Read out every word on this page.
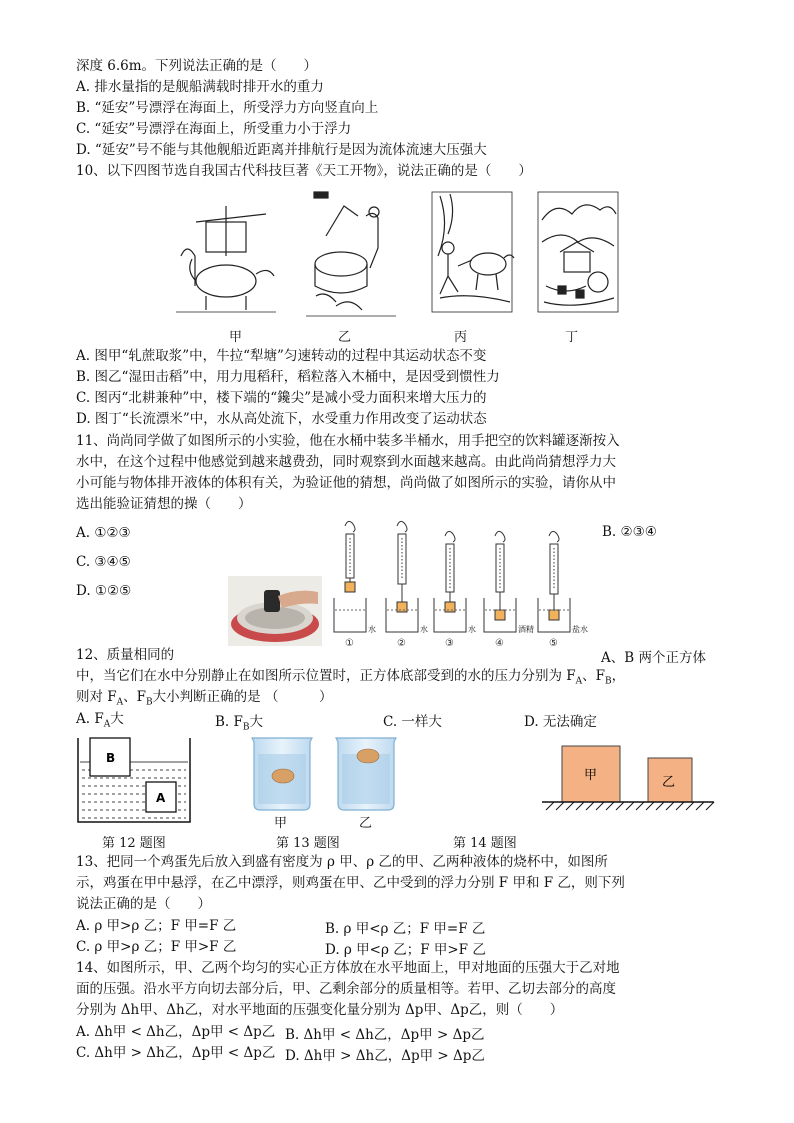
深度 6.6m。下列说法正确的是（　　）
A. 排水量指的是舰船满载时排开水的重力
B. “延安”号漂浮在海面上，所受浮力方向竖直向上
C. “延安”号漂浮在海面上，所受重力小于浮力
D. “延安”号不能与其他舰船近距离并排航行是因为流体流速大压强大
10、以下四图节选自我国古代科技巨著《天工开物》，说法正确的是（　　）
甲	乙	丙	丁
A. 图甲“轧蔗取浆”中，牛拉“犁塘”匀速转动的过程中其运动状态不变
B. 图乙“湿田击稻”中，用力甩稻秆，稻粒落入木桶中，是因受到惯性力
C. 图丙“北耕兼种”中，楼下端的“鑱尖”是减小受力面积来增大压力的
D. 图丁“长流漂米”中，水从高处流下，水受重力作用改变了运动状态
11、尚尚同学做了如图所示的小实验，他在水桶中装多半桶水，用手把空的饮料罐逐渐按入
水中，在这个过程中他感觉到越来越费劲，同时观察到水面越来越高。由此尚尚猜想浮力大
小可能与物体排开液体的体积有关，为验证他的猜想，尚尚做了如图所示的实验，请你从中
选出能验证猜想的操（　　）
A. ①②③	B. ②③④
C. ③④⑤
D. ①②⑤
水	水	水	酒精	盐水
①	②	③	④	⑤
12、质量相同的	A、B 两个正方体
中，当它们在水中分别静止在如图所示位置时，正方体底部受到的水的压力分别为 $F_A$、$F_B$，
则对 $F_A$、$F_B$大小判断正确的是 （　　　）
A. $F_A$大	B. $F_B$大	C. 一样大	D. 无法确定
B
A
甲	乙
甲	乙
第 12 题图	第 13 题图	第 14 题图
13、把同一个鸡蛋先后放入到盛有密度为 ρ 甲、ρ 乙的甲、乙两种液体的烧杯中，如图所
示，鸡蛋在甲中悬浮，在乙中漂浮，则鸡蛋在甲、乙中受到的浮力分别 F 甲和 F 乙，则下列
说法正确的是（　　）
A. ρ 甲>ρ 乙；F 甲=F 乙	B. ρ 甲<ρ 乙；F 甲=F 乙
C. ρ 甲>ρ 乙；F 甲>F 乙	D. ρ 甲<ρ 乙；F 甲>F 乙
14、如图所示，甲、乙两个均匀的实心正方体放在水平地面上，甲对地面的压强大于乙对地
面的压强。沿水平方向切去部分后，甲、乙剩余部分的质量相等。若甲、乙切去部分的高度
分别为 Δh甲、Δh乙，对水平地面的压强变化量分别为 Δp甲、Δp乙，则（　　）
A. Δh甲 < Δh乙，Δp甲 < Δp乙 B. Δh甲 < Δh乙，Δp甲 > Δp乙
C. Δh甲 > Δh乙，Δp甲 < Δp乙 D. Δh甲 > Δh乙，Δp甲 > Δp乙
